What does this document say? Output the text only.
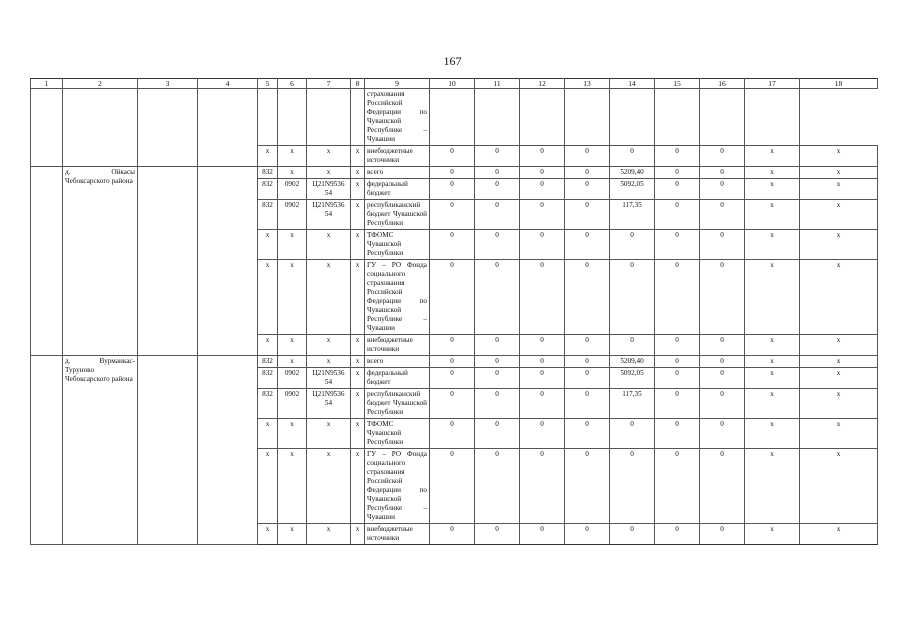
167
1	2	3	4	5	6	7	8	9	10	11	12	13	14	15	16	17	18
								страхования Российской Федерации по Чувашской Республике – Чувашии									
				х	х	х	х	внебюджетные источники	0	0	0	0	0	0	0	х	х
	д. Ойкасы Чебоксарского района			832	х	х	х	всего	0	0	0	0	5209,40	0	0	х	х
				832	0902	Ц21N9536 54	х	федеральный бюджет	0	0	0	0	5092,05	0	0	х	х
				832	0902	Ц21N9536 54	х	республиканский бюджет Чувашской Республики	0	0	0	0	117,35	0	0	х	х
				х	х	х	х	ТФОМС Чувашской Республики	0	0	0	0	0	0	0	х	х
				х	х	х	х	ГУ – РО Фонда социального страхования Российской Федерации по Чувашской Республике – Чувашии	0	0	0	0	0	0	0	х	х
				х	х	х	х	внебюджетные источники	0	0	0	0	0	0	0	х	х
	д. Вурманкас-Туруново Чебоксарского района			832	х	х	х	всего	0	0	0	0	5209,40	0	0	х	х
				832	0902	Ц21N9536 54	х	федеральный бюджет	0	0	0	0	5092,05	0	0	х	х
				832	0902	Ц21N9536 54	х	республиканский бюджет Чувашской Республики	0	0	0	0	117,35	0	0	х	х
				х	х	х	х	ТФОМС Чувашской Республики	0	0	0	0	0	0	0	х	х
				х	х	х	х	ГУ – РО Фонда социального страхования Российской Федерации по Чувашской Республике – Чувашии	0	0	0	0	0	0	0	х	х
				х	х	х	х	внебюджетные источники	0	0	0	0	0	0	0	х	х
